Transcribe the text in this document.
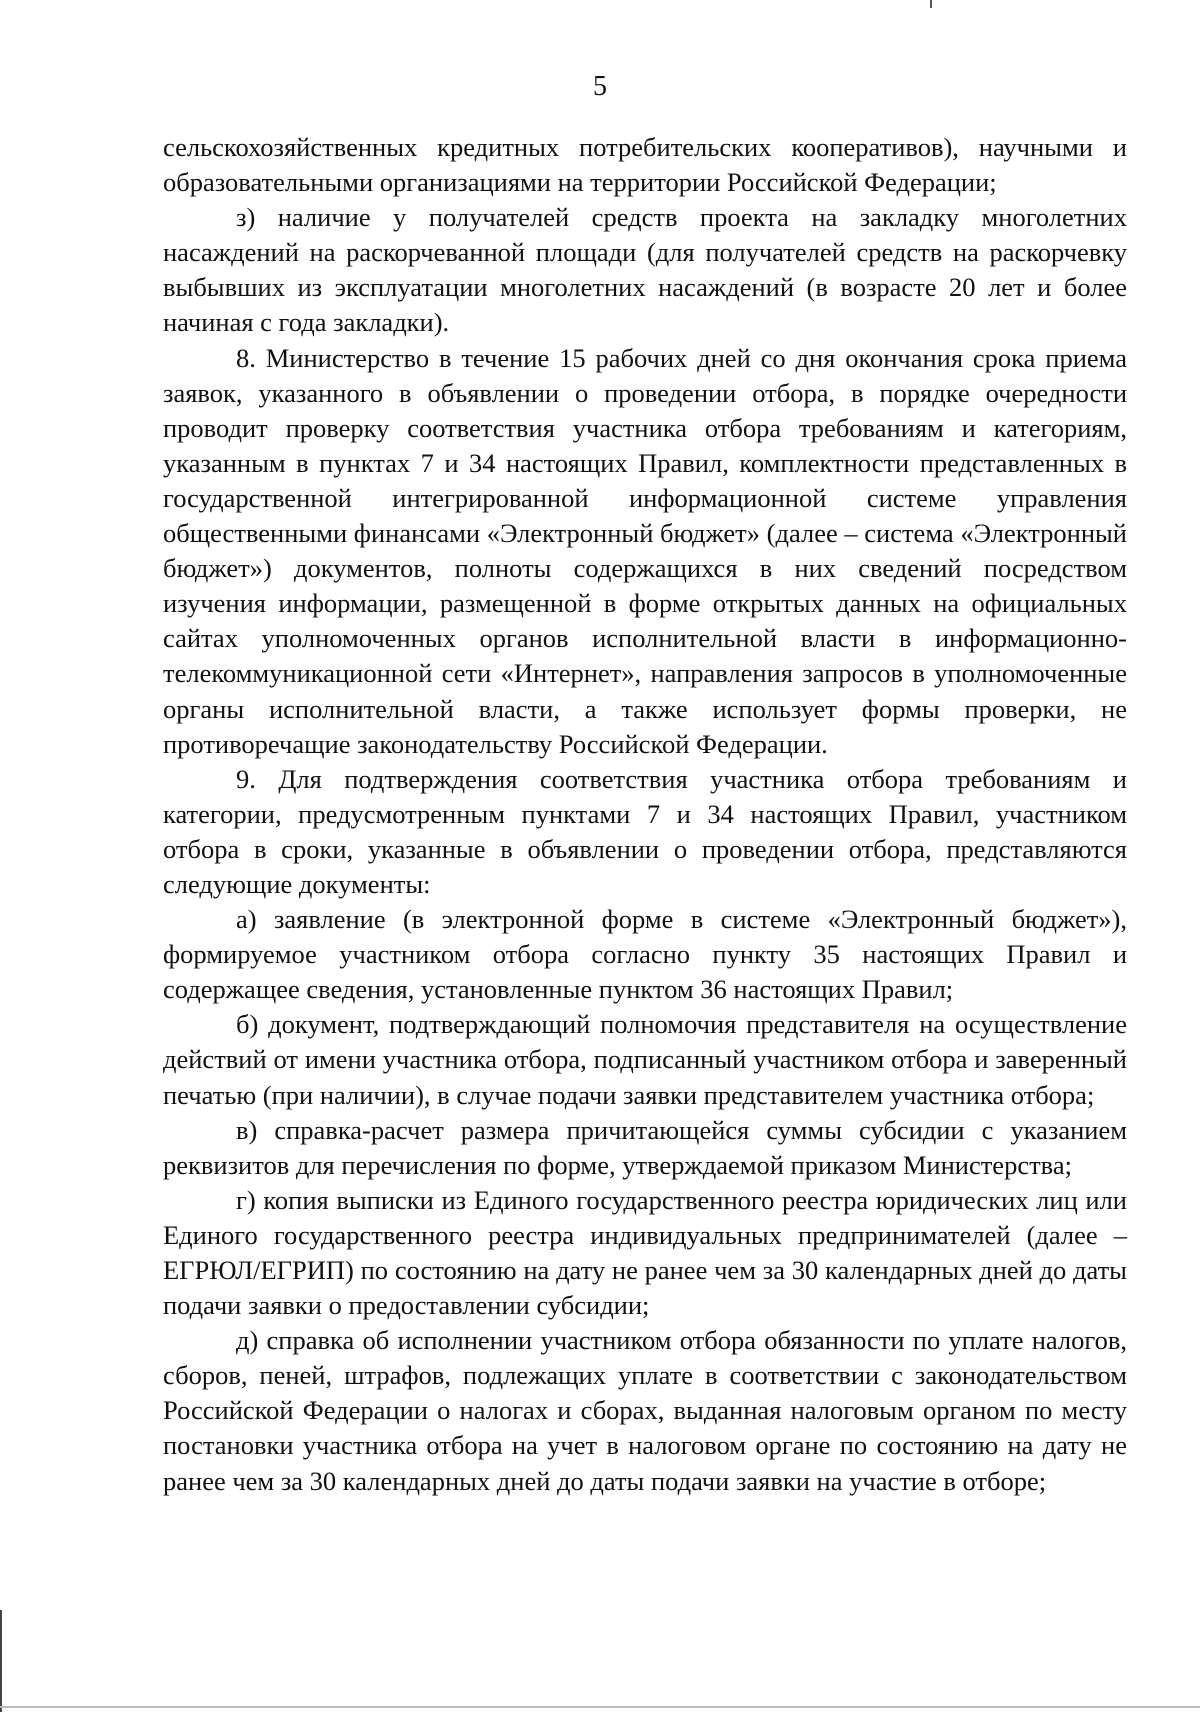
5

сельскохозяйственных кредитных потребительских кооперативов), научными и образовательными организациями на территории Российской Федерации;

з) наличие у получателей средств проекта на закладку многолетних насаждений на раскорчеванной площади (для получателей средств на раскорчевку выбывших из эксплуатации многолетних насаждений (в возрасте 20 лет и более начиная с года закладки).

8. Министерство в течение 15 рабочих дней со дня окончания срока приема заявок, указанного в объявлении о проведении отбора, в порядке очередности проводит проверку соответствия участника отбора требованиям и категориям, указанным в пунктах 7 и 34 настоящих Правил, комплектности представленных в государственной интегрированной информационной системе управления общественными финансами «Электронный бюджет» (далее – система «Электронный бюджет») документов, полноты содержащихся в них сведений посредством изучения информации, размещенной в форме открытых данных на официальных сайтах уполномоченных органов исполнительной власти в информационно-телекоммуникационной сети «Интернет», направления запросов в уполномоченные органы исполнительной власти, а также использует формы проверки, не противоречащие законодательству Российской Федерации.

9. Для подтверждения соответствия участника отбора требованиям и категории, предусмотренным пунктами 7 и 34 настоящих Правил, участником отбора в сроки, указанные в объявлении о проведении отбора, представляются следующие документы:

а) заявление (в электронной форме в системе «Электронный бюджет»), формируемое участником отбора согласно пункту 35 настоящих Правил и содержащее сведения, установленные пунктом 36 настоящих Правил;

б) документ, подтверждающий полномочия представителя на осуществление действий от имени участника отбора, подписанный участником отбора и заверенный печатью (при наличии), в случае подачи заявки представителем участника отбора;

в) справка-расчет размера причитающейся суммы субсидии с указанием реквизитов для перечисления по форме, утверждаемой приказом Министерства;

г) копия выписки из Единого государственного реестра юридических лиц или Единого государственного реестра индивидуальных предпринимателей (далее – ЕГРЮЛ/ЕГРИП) по состоянию на дату не ранее чем за 30 календарных дней до даты подачи заявки о предоставлении субсидии;

д) справка об исполнении участником отбора обязанности по уплате налогов, сборов, пеней, штрафов, подлежащих уплате в соответствии с законодательством Российской Федерации о налогах и сборах, выданная налоговым органом по месту постановки участника отбора на учет в налоговом органе по состоянию на дату не ранее чем за 30 календарных дней до даты подачи заявки на участие в отборе;
